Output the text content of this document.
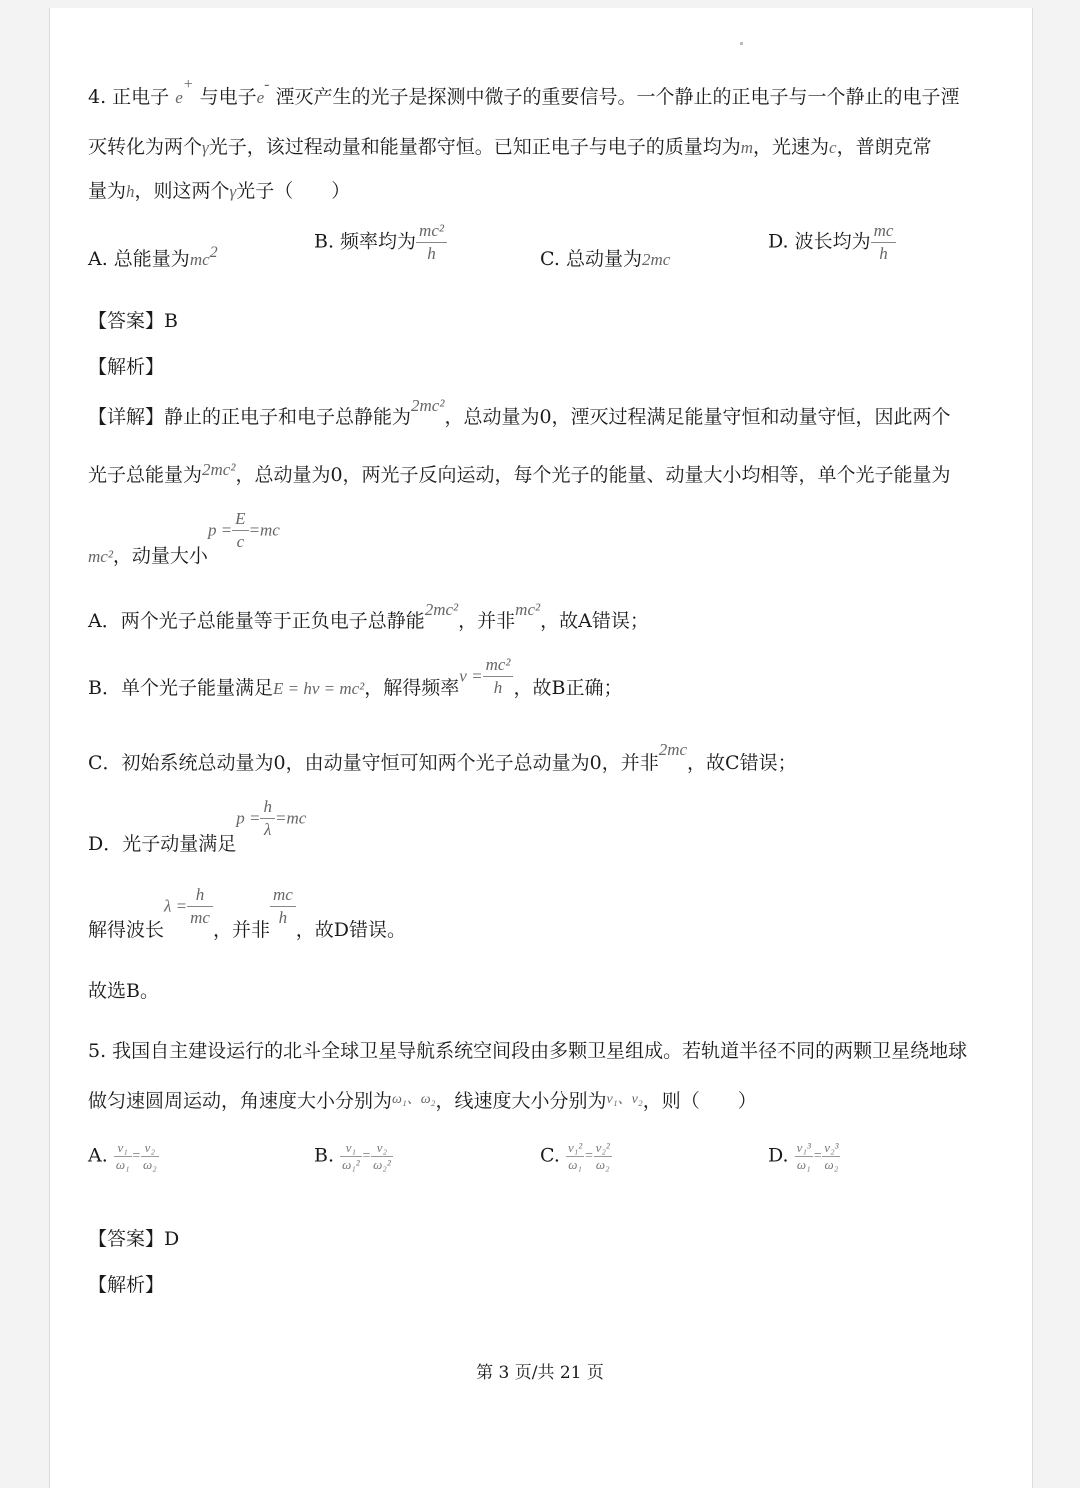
4. 正电子 e+ 与电子e- 湮灭产生的光子是探测中微子的重要信号。一个静止的正电子与一个静止的电子湮
灭转化为两个γ光子，该过程动量和能量都守恒。已知正电子与电子的质量均为m，光速为c，普朗克常
量为h，则这两个γ光子（　　）
A. 总能量为$mc^2$	B. 频率均为 $\frac{\text{mc²}}{h}$	C. 总动量为2mc
D. 波长均为 $\frac{mc}{h}$
【答案】B
【解析】
【详解】静止的正电子和电子总静能为2mc²，总动量为0，湮灭过程满足能量守恒和动量守恒，因此两个
光子总能量为2mc²，总动量为0，两光子反向运动，每个光子的能量、动量大小均相等，单个光子能量为
mc²，动量大小$p = \frac{E}{c} =mc$
A．两个光子总能量等于正负电子总静能2mc²，并非mc²，故A错误；
B．单个光子能量满足E = hν = mc²，解得频率$\nu = \frac{\text{mc²}}{h}$ ，故B正确；
C．初始系统总动量为0，由动量守恒可知两个光子总动量为0，并非2mc，故C错误；
D．光子动量满足$p = \frac{h}{\lambda} =mc$
解得波长$\lambda = \frac{h}{mc}$
，并非
$\frac{mc}{h}$
，故D错误。
故选B。
5. 我国自主建设运行的北斗全球卫星导航系统空间段由多颗卫星组成。若轨道半径不同的两颗卫星绕地球
做匀速圆周运动，角速度大小分别为$^{\omega_1、\omega_2}$，线速度大小分别为$^{v_1、v_2}$，则（　　）
A. $\frac{\text{v₁}}{\text{ω₁}} = \frac{\text{v₂}}{\text{ω₂}}$	B. $\frac{\text{v₁}}{\text{ω₁²}} = \frac{\text{v₂}}{\text{ω₂²}}$	C. $\frac{\text{v₁²}}{\text{ω₁}} = \frac{\text{v₂²}}{\text{ω₂}}$	D. $\frac{\text{v₁³}}{\text{ω₁}} = \frac{\text{v₂³}}{\text{ω₂}}$
【答案】D
【解析】
第 3 页/共 21 页
